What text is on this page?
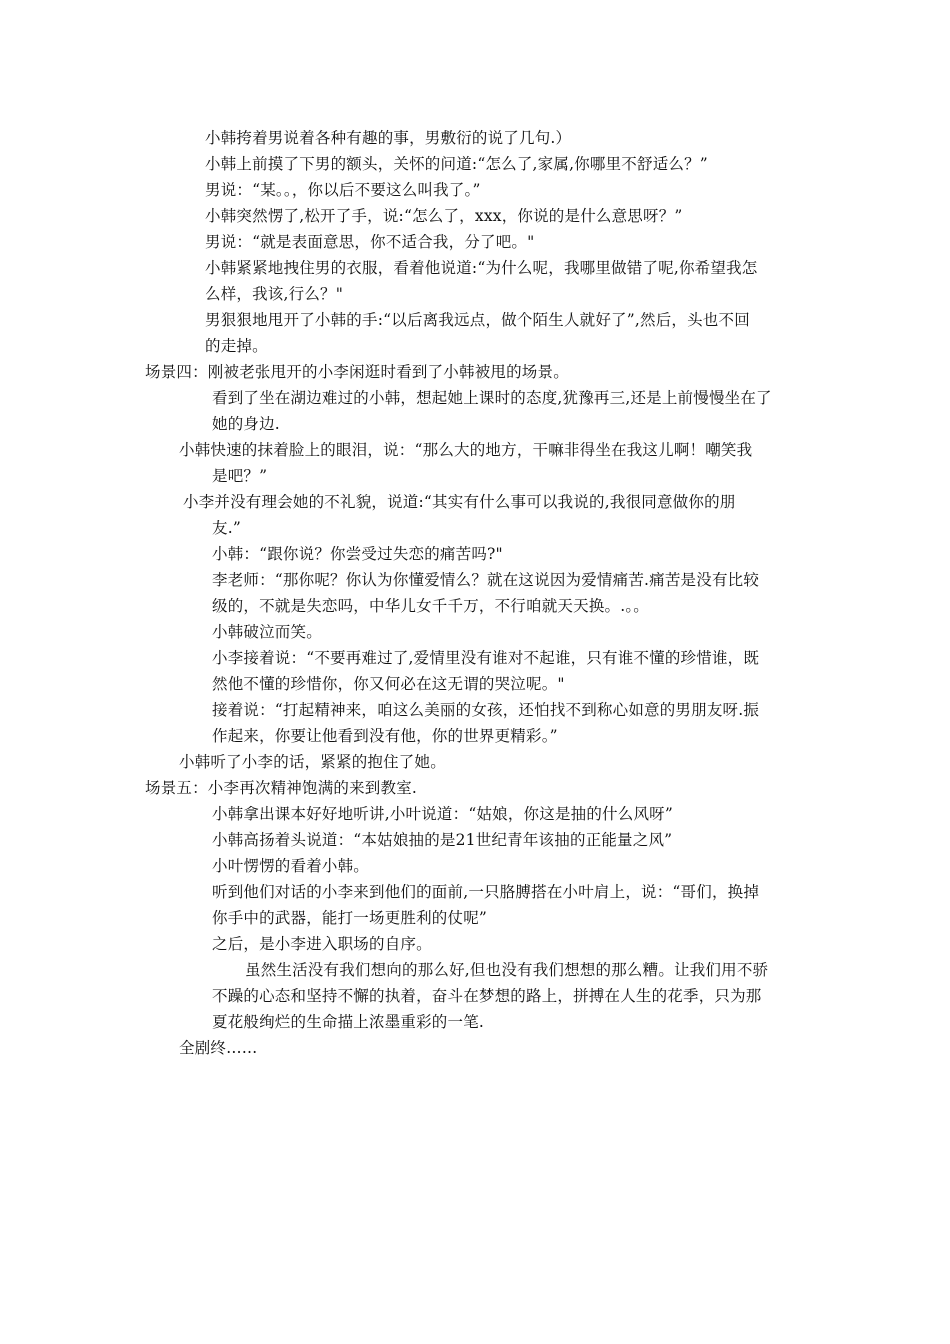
小韩挎着男说着各种有趣的事，男敷衍的说了几句.）
小韩上前摸了下男的额头，关怀的问道:“怎么了,家属,你哪里不舒适么？”
男说：“某。。，你以后不要这么叫我了。”
小韩突然愣了,松开了手，说:“怎么了，xxx，你说的是什么意思呀？”
男说：“就是表面意思，你不适合我，分了吧。"
小韩紧紧地拽住男的衣服，看着他说道:“为什么呢，我哪里做错了呢,你希望我怎
么样，我该,行么？"
男狠狠地甩开了小韩的手:“以后离我远点，做个陌生人就好了”,然后，头也不回
的走掉。
场景四：刚被老张甩开的小李闲逛时看到了小韩被甩的场景。
看到了坐在湖边难过的小韩，想起她上课时的态度,犹豫再三,还是上前慢慢坐在了
她的身边.
小韩快速的抹着脸上的眼泪，说：“那么大的地方，干嘛非得坐在我这儿啊！嘲笑我
是吧？”
小李并没有理会她的不礼貌，说道:“其实有什么事可以我说的,我很同意做你的朋
友.”
小韩：“跟你说？你尝受过失恋的痛苦吗?"
李老师：“那你呢？你认为你懂爱情么？就在这说因为爱情痛苦.痛苦是没有比较
级的，不就是失恋吗，中华儿女千千万，不行咱就天天换。.。。
小韩破泣而笑。
小李接着说：“不要再难过了,爱情里没有谁对不起谁，只有谁不懂的珍惜谁，既
然他不懂的珍惜你，你又何必在这无谓的哭泣呢。"
接着说：“打起精神来，咱这么美丽的女孩，还怕找不到称心如意的男朋友呀.振
作起来，你要让他看到没有他，你的世界更精彩。”
小韩听了小李的话，紧紧的抱住了她。
场景五：小李再次精神饱满的来到教室.
小韩拿出课本好好地听讲,小叶说道：“姑娘，你这是抽的什么风呀”
小韩高扬着头说道：“本姑娘抽的是21世纪青年该抽的正能量之风”
小叶愣愣的看着小韩。
听到他们对话的小李来到他们的面前,一只胳膊搭在小叶肩上，说：“哥们，换掉
你手中的武器，能打一场更胜利的仗呢”
之后，是小李进入职场的自序。
虽然生活没有我们想向的那么好,但也没有我们想想的那么糟。让我们用不骄
不躁的心态和坚持不懈的执着，奋斗在梦想的路上，拼搏在人生的花季，只为那
夏花般绚烂的生命描上浓墨重彩的一笔.
全剧终……
